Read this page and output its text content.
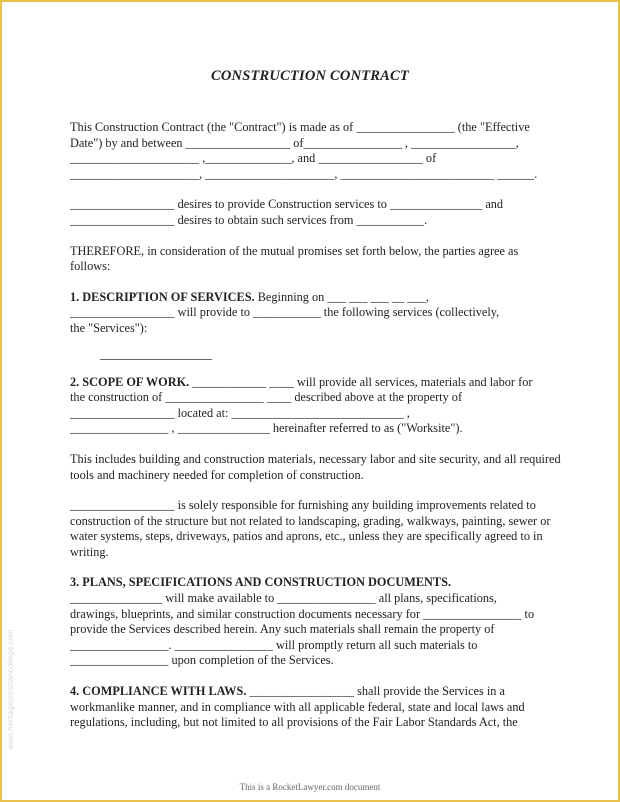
CONSTRUCTION CONTRACT

This Construction Contract (the "Contract") is made as of ________________ (the "Effective

Date") by and between _________________ of________________ , _________________,

_____________________ ,______________, and _________________ of

_____________________, _____________________, _________________________ ______.

_________________ desires to provide Construction services to _______________ and

_________________ desires to obtain such services from ___________.

THEREFORE, in consideration of the mutual promises set forth below, the parties agree as

follows:

1. DESCRIPTION OF SERVICES. Beginning on ___ ___ ___ __ ___,

_________________ will provide to ___________ the following services (collectively,

the "Services"):

2. SCOPE OF WORK. ____________ ____ will provide all services, materials and labor for

the construction of ________________ ____ described above at the property of

_________________ located at: ____________________________ ,

________________ , _______________ hereinafter referred to as ("Worksite").

This includes building and construction materials, necessary labor and site security, and all required

tools and machinery needed for completion of construction.

_________________ is solely responsible for furnishing any building improvements related to

construction of the structure but not related to landscaping, grading, walkways, painting, sewer or

water systems, steps, driveways, patios and aprons, etc., unless they are specifically agreed to in

writing.

3. PLANS, SPECIFICATIONS AND CONSTRUCTION DOCUMENTS.

_______________ will make available to ________________ all plans, specifications,

drawings, blueprints, and similar construction documents necessary for ________________ to

provide the Services described herein. Any such materials shall remain the property of

________________. ________________ will promptly return all such materials to

________________ upon completion of the Services.

4. COMPLIANCE WITH LAWS. _________________ shall provide the Services in a

workmanlike manner, and in compliance with all applicable federal, state and local laws and

regulations, including, but not limited to all provisions of the Fair Labor Standards Act, the

This is a RocketLawyer.com document
www.heritagechristiancollege.com
